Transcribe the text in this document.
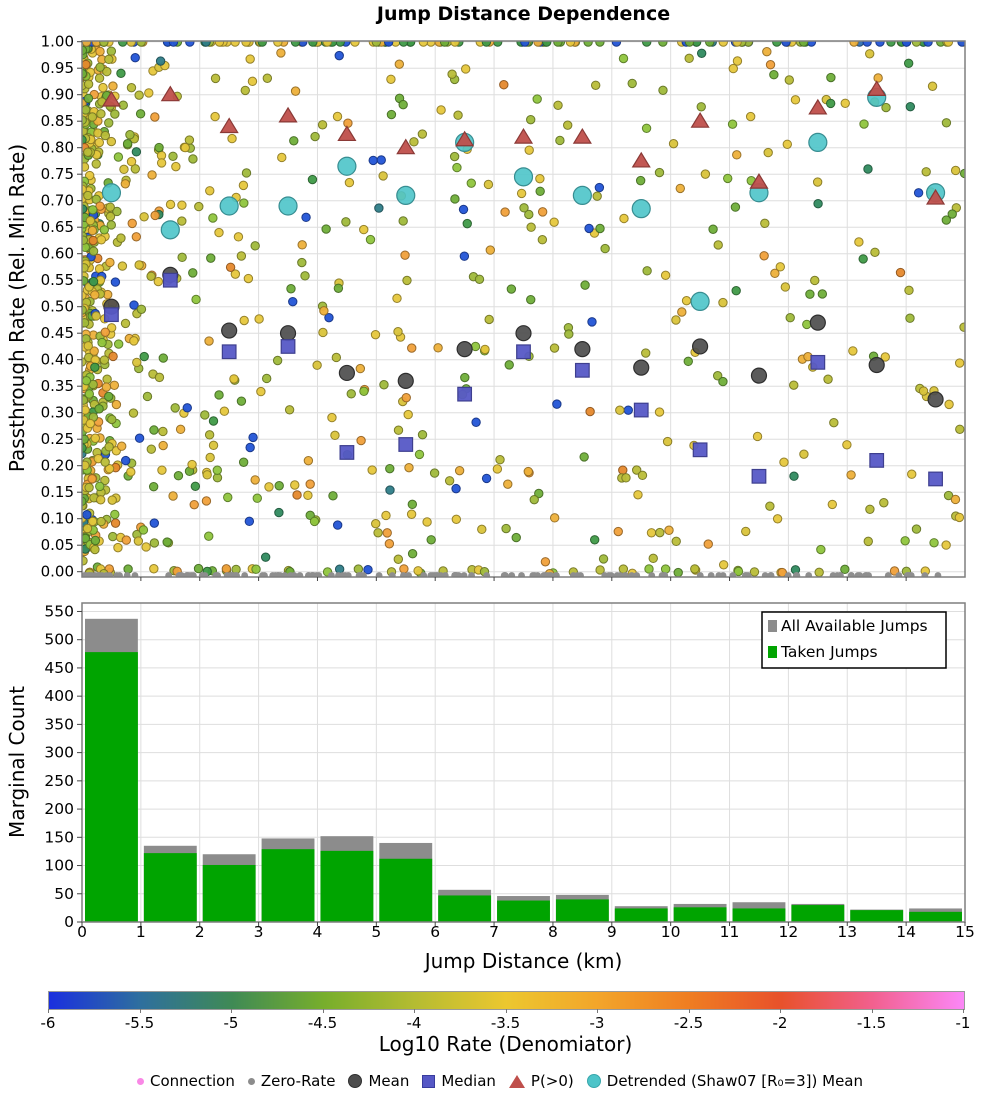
Jump Distance Dependence
1.00
0.95
0.90
0.85
0.80
0.75
0.70
0.65
0.60
0.55
0.50
0.45
0.40
0.35
0.30
0.25
0.20
0.15
0.10
0.05
0.00
Passthrough Rate (Rel. Min Rate)
0
50
100
150
200
250
300
350
400
450
500
550
0	1	2	3	4	5	6	7	8	9	10	11	12	13	14	15
Marginal Count
All Available Jumps
Taken Jumps
Jump Distance (km)
-6	-5.5	-5	-4.5	-4	-3.5	-3	-2.5	-2	-1.5	-1
Log10 Rate (Denomiator)
Connection Zero-Rate Mean Median P(>0) Detrended (Shaw07 [R₀=3]) Mean
